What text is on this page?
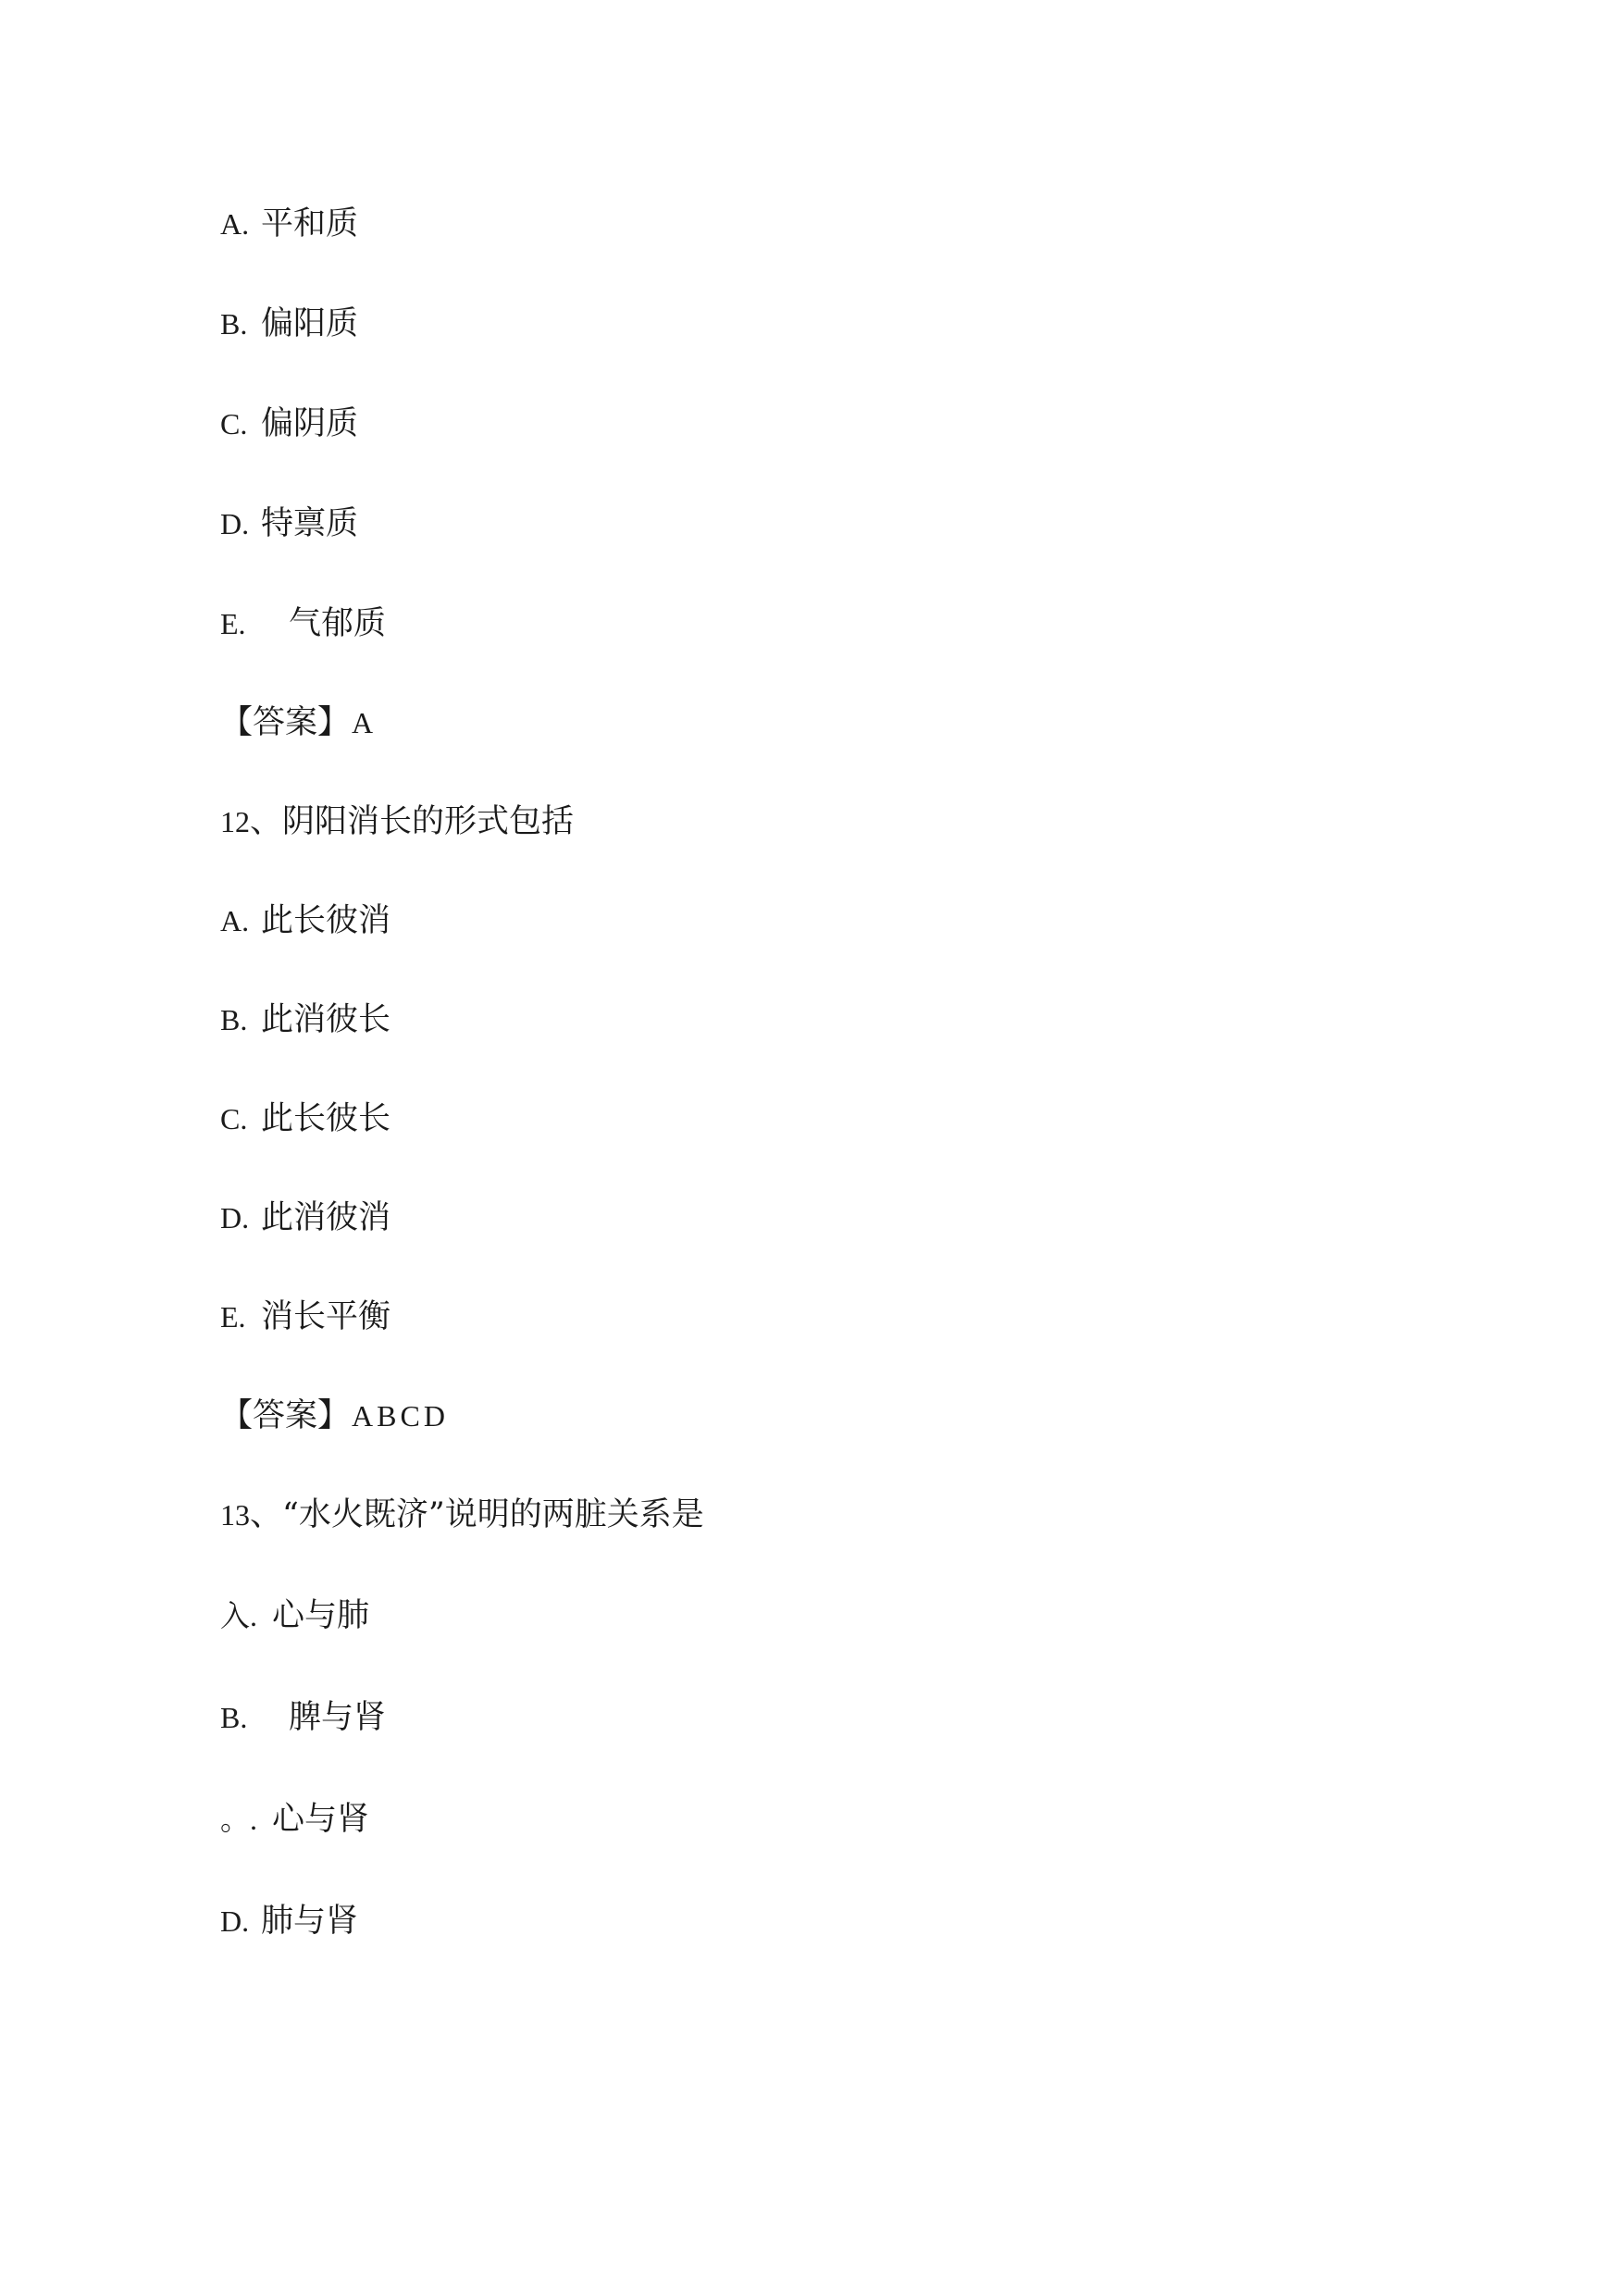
A. 平和质
B. 偏阳质
C. 偏阴质
D. 特禀质
E. 气郁质
【答案】A
12、阴阳消长的形式包括
A. 此长彼消
B. 此消彼长
C. 此长彼长
D. 此消彼消
E. 消长平衡
【答案】ABCD
13、“水火既济”说明的两脏关系是
入. 心与肺
B. 脾与肾
。. 心与肾
D. 肺与肾
